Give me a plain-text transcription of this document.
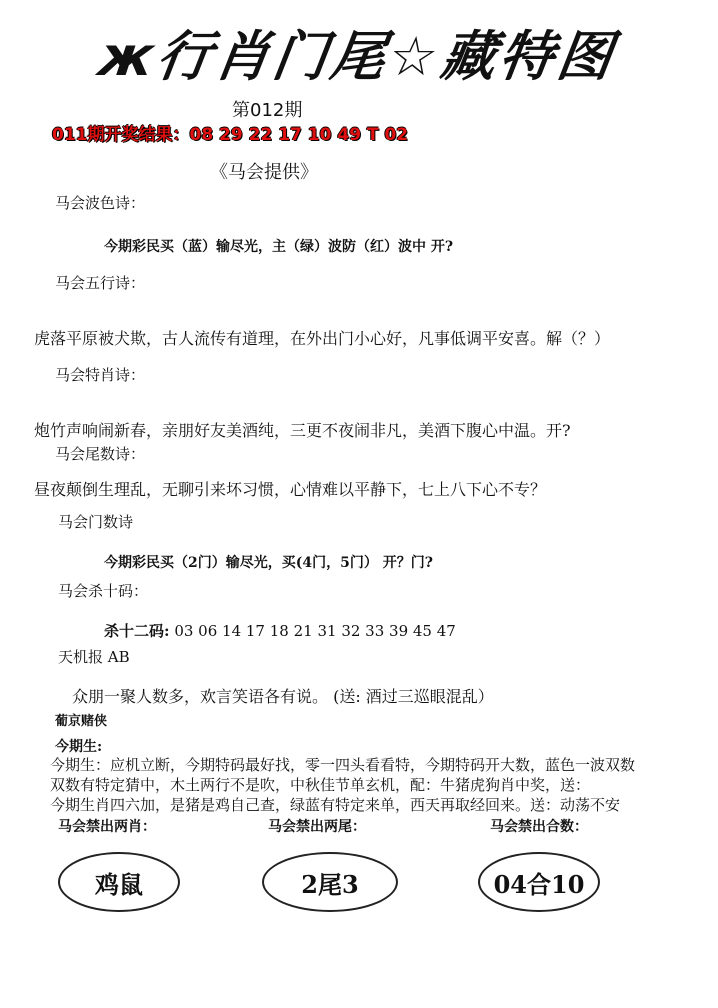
ж行肖门尾☆藏特图
第012期
011期开奖结果：08 29 22 17 10 49 T 02
《马会提供》
马会波色诗：
今期彩民买（蓝）输尽光，主（绿）波防（红）波中 开?
马会五行诗：
虎落平原被犬欺，古人流传有道理，在外出门小心好，凡事低调平安喜。解（？）
马会特肖诗：
炮竹声响闹新春，亲朋好友美酒纯，三更不夜闹非凡，美酒下腹心中温。开?
马会尾数诗：
昼夜颠倒生理乱，无聊引来坏习惯，心情难以平静下，七上八下心不专？
马会门数诗
今期彩民买（2门）输尽光，买(4门，5门） 开？门?
马会杀十码：
杀十二码: 03 06 14 17 18 21 31 32 33 39 45 47
天机报 AB
众朋一聚人数多，欢言笑语各有说。 (送: 酒过三巡眼混乱）
葡京赌侠
今期生:
今期生：应机立断，今期特码最好找，零一四头看看特，今期特码开大数，蓝色一波双数
双数有特定猜中，木土两行不是吹，中秋佳节单玄机，配：牛猪虎狗肖中奖，送：
今期生肖四六加，是猪是鸡自己查，绿蓝有特定来单，西天再取经回来。送：动荡不安
马会禁出两肖：	马会禁出两尾：	马会禁出合数：
鸡鼠	2尾3	04合10
